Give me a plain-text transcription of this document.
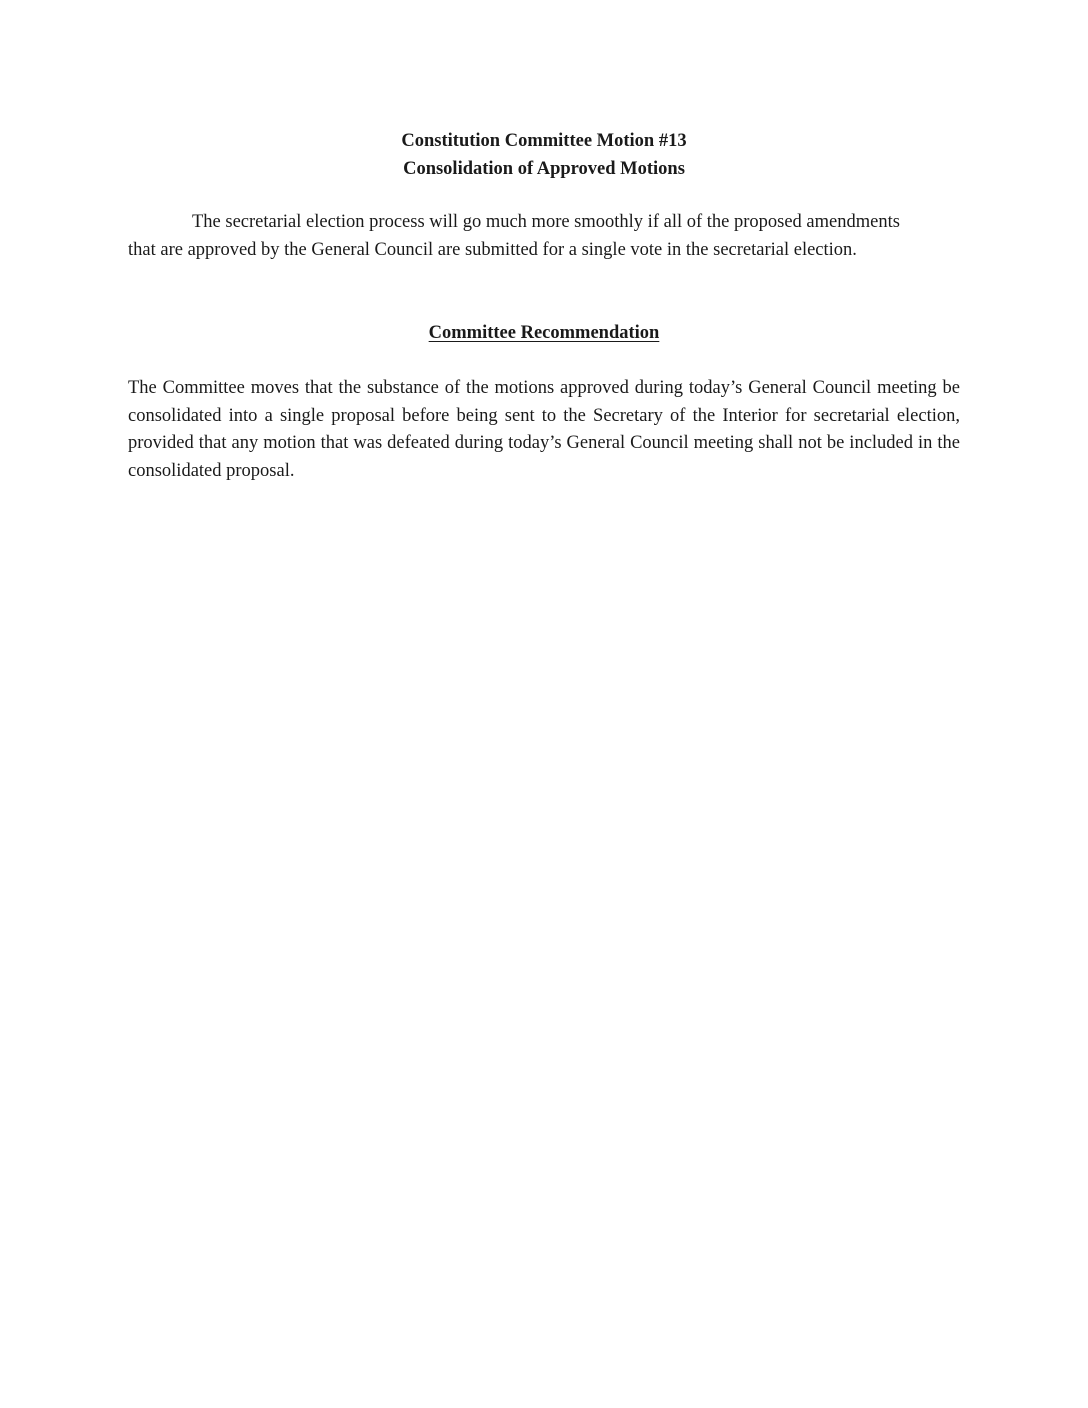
Constitution Committee Motion #13
Consolidation of Approved Motions

The secretarial election process will go much more smoothly if all of the proposed amendments that are approved by the General Council are submitted for a single vote in the secretarial election.

Committee Recommendation

The Committee moves that the substance of the motions approved during today’s General Council meeting be consolidated into a single proposal before being sent to the Secretary of the Interior for secretarial election, provided that any motion that was defeated during today’s General Council meeting shall not be included in the consolidated proposal.
